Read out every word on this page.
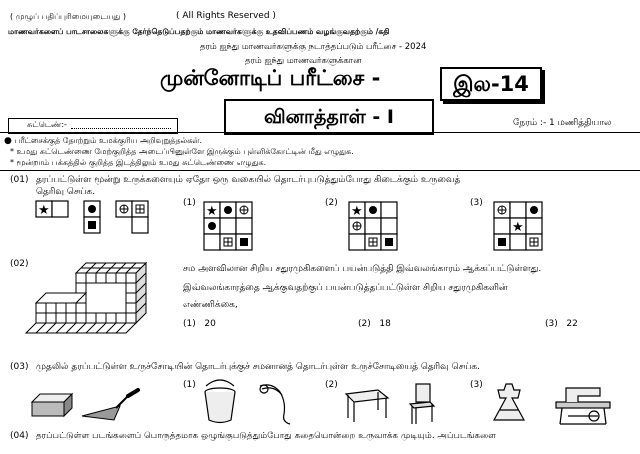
( முழுப் பதிப்புரிமையுடையது )	( All Rights Reserved )
மாணவர்களைப் பாடசாலைகளுக்கு தேர்ந்தெடுப்பதற்கும் மாணவர்களுக்கு உதவிப்பணம் வழங்குவதற்கும் /கதி
தரம் ஐந்து மாணவர்களுக்கு நடாத்தப்படும் பரீட்சை - 2024
தரம் ஐந்து மாணவர்களுக்கான
முன்னோடிப் பரீட்சை -	இல-14
வினாத்தாள் - I
சுட்டெண்:-	நேரம் :- 1 மணித்தியால
● பரீட்சைக்குத் தோற்றும் உமக்குரிய அறிவுறுத்தல்கள்.
* உமது சுட்டெண்ணை மேற்குறித்த அடைப்பினுள்ளே இருக்கும் புள்ளிக்கோட்டின் மீது எழுதுக.
* மூன்றாம் பக்கத்தில் குறித்த இடத்திலும் உமது சுட்டெண்ணை எழுதுக.
(01) தரப்பட்டுள்ள மூன்று உருக்களையும் ஏதோ ஒரு வகையில் தொடர்புபடுத்தும்போது கிடைக்கும் உருவைத்
தெரிவு செய்க.
★	(1)
★
(2)
★
(3)
★
(02)	சம அளவிலான சிறிய சதுரமுகிகளைப் பயன்படுத்தி இவ்வலங்காரம் ஆக்கப்பட்டுள்ளது.
இவ்வலங்காரத்தை ஆக்குவதற்குப் பயன்படுத்தப்பட்டுள்ள சிறிய சதுரமுகிகளின்
எண்ணிக்கை,
(1) 20	(2) 18	(3) 22
(03) முதலில் தரப்பட்டுள்ள உருச்சோடியின் தொடர்புக்குச் சமனானத் தொடர்புள்ள உருச்சோடியைத் தெரிவு செய்க.
(1)	(2)	(3)
(04) தரப்பட்டுள்ள படங்களைப் பொருத்தமாக ஒழுங்குபடுத்தும்போது கதையொன்றை உருவாக்க முடியும். அப்படங்களை
